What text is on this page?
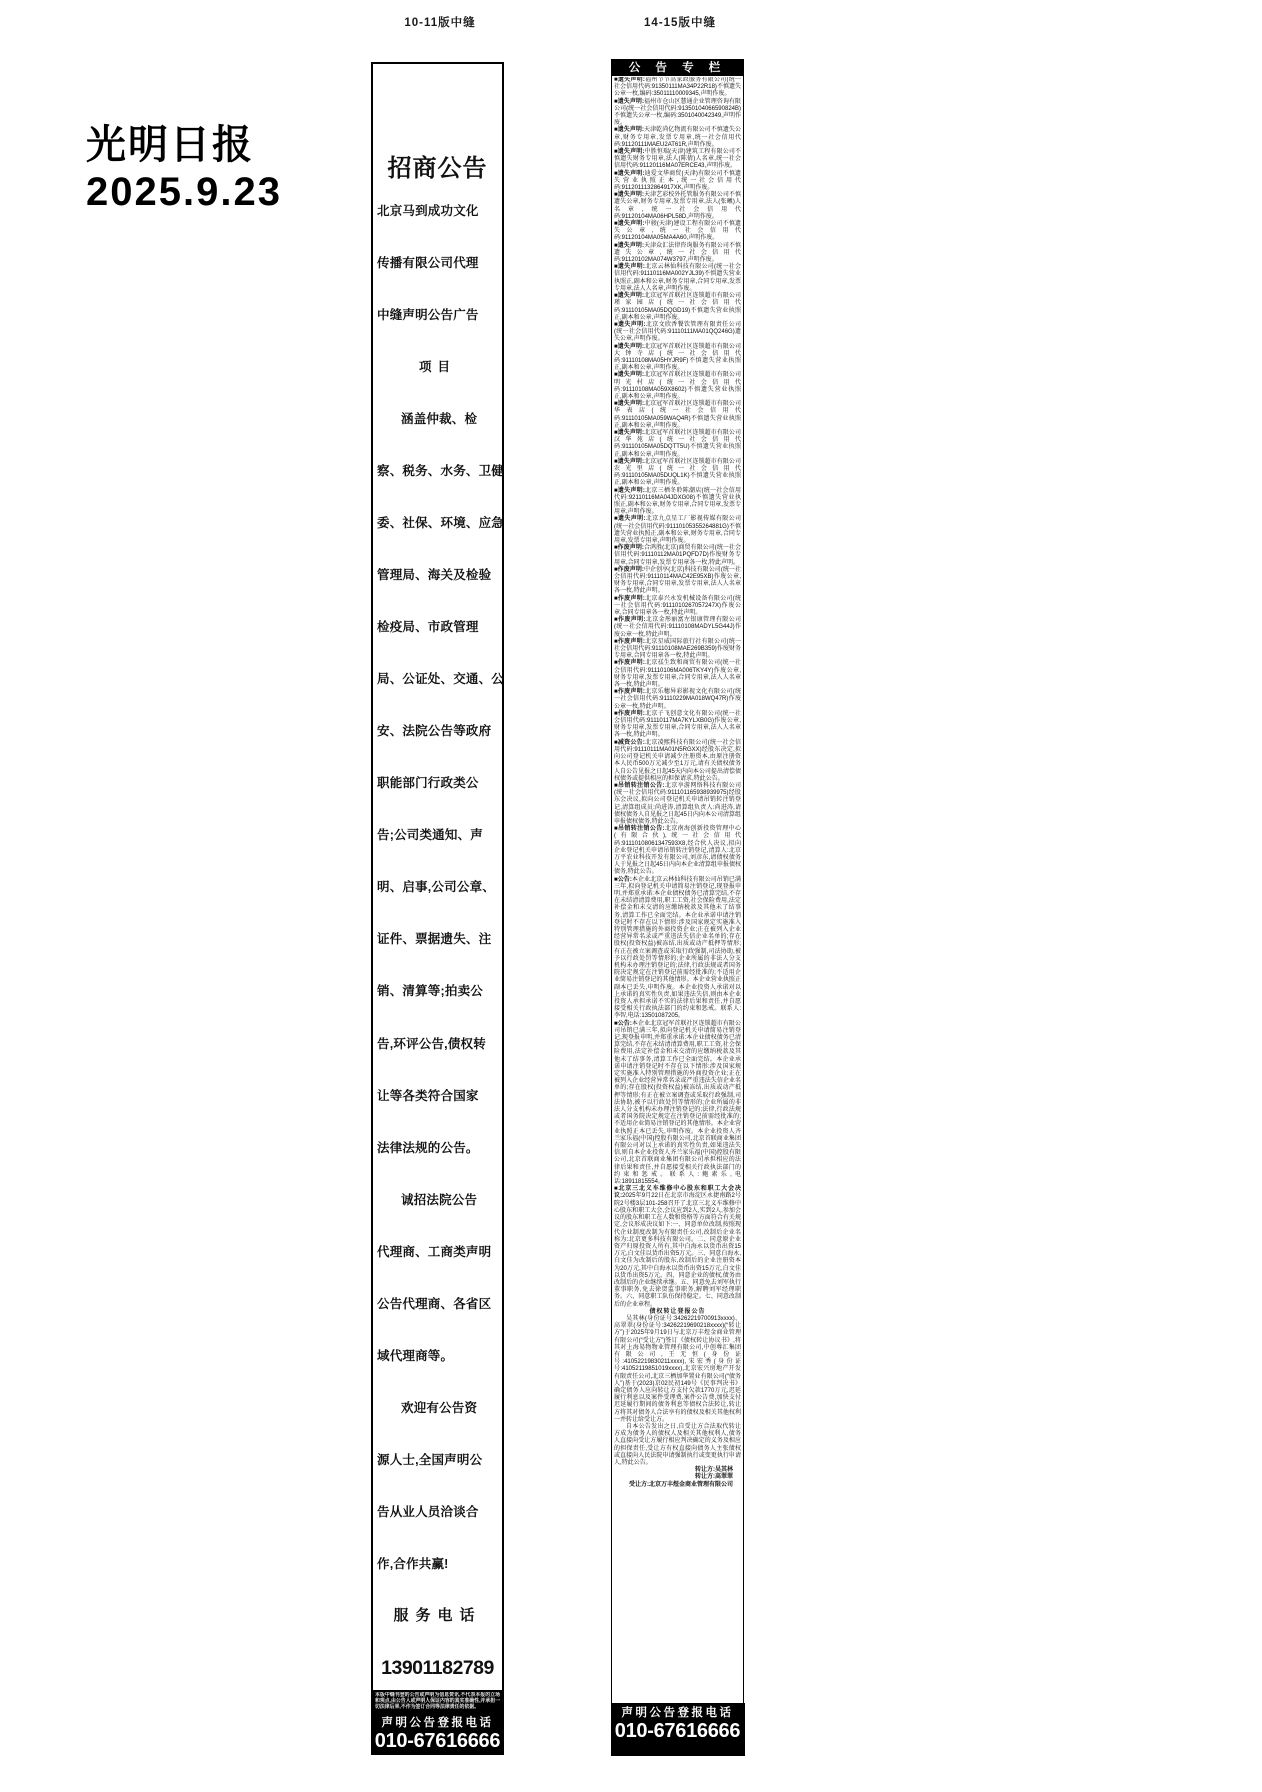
10-11版中缝	14-15版中缝
光明日报
2025.9.23
招商公告
北京马到成功文化
传播有限公司代理
中缝声明公告广告
项目
涵盖仲裁、检
察、税务、水务、卫健
委、社保、环境、应急
管理局、海关及检验
检疫局、市政管理
局、公证处、交通、公
安、法院公告等政府
职能部门行政类公
告;公司类通知、声
明、启事,公司公章、
证件、票据遗失、注
销、清算等;拍卖公
告,环评公告,债权转
让等各类符合国家
法律法规的公告。
诚招法院公告
代理商、工商类声明
公告代理商、各省区
域代理商等。
欢迎有公告资
源人士,全国声明公
告从业人员洽谈合
作,合作共赢!
服务电话
13901182789
本版中缝刊登的公告或声明为信息资讯,不代表本报的立场和观点,由公告人或声明人保证内容的真实准确性,并承担一切法律后果,不作为签订合同等法律责任的依据。
声明公告登报电话
010-67616666
公 告 专 栏

■遗失声明:福州节节高家政服务有限公司(统一社会信用代码:91350111MA34P22R18)不慎遗失公章一枚,编码:35011110009345,声明作废。

■遗失声明:福州市仓山区慧通企业管理咨询有限公司(统一社会信用代码:91350104066590824B)不慎遗失公章一枚,编码:3501040042349,声明作废。

■遗失声明:天津乾尚亿物流有限公司不慎遗失公章,财务专用章,发票专用章,统一社会信用代码:91120111MAEU2AT61R,声明作废。

■遗失声明:中胜恒瑞(天津)建筑工程有限公司不慎遗失财务专用章,法人(陈倩)人名章,统一社会信用代码:91120116MA07ERCE43,声明作废。

■遗失声明:迪爱文华商贸(天津)有限公司不慎遗失营业执照正本,统一社会信用代码:9112011132864917XK,声明作废。

■遗失声明:天津艺彩校外托管服务有限公司不慎遗失公章,财务专用章,发票专用章,法人(张曦)人名章,统一社会信用代码:91120104MA06HPL58D,声明作废。

■遗失声明:中骏(天津)建设工程有限公司不慎遗失公章,统一社会信用代码:91120104MA05MA4A60,声明作废。

■遗失声明:天津众汇法律咨询服务有限公司不慎遗失公章,统一社会信用代码:91120102MA074W3797,声明作废。

■遗失声明:北京云林仙科技有限公司(统一社会信用代码:91110116MA002YJL39)不慎遗失营业执照正,副本和公章,财务专用章,合同专用章,发票专用章,法人人名章,声明作废。

■遗失声明:北京冠军首联社区连锁超市有限公司瑾家园店(统一社会信用代码:91110105MA05DQGD19)不慎遗失营业执照正,副本和公章,声明作废。

■遗失声明:北京文欣香餐饮管理有限责任公司(统一社会信用代码:91110111MA01QQ246G)遗失公章,声明作废。

■遗失声明:北京冠军首联社区连锁超市有限公司大钟寺店(统一社会信用代码:91110108MA05HYJR9F)不慎遗失营业执照正,副本和公章,声明作废。

■遗失声明:北京冠军首联社区连锁超市有限公司明光村店(统一社会信用代码:91110108MA059X8602)不慎遗失营业执照正,副本和公章,声明作废。

■遗失声明:北京冠军首联社区连锁超市有限公司华表店(统一社会信用代码:91110105MA059WAQ4R)不慎遗失营业执照正,副本和公章,声明作废。

■遗失声明:北京冠军首联社区连锁超市有限公司汉华苑店(统一社会信用代码:91110105MA05DQTT5U)不慎遗失营业执照正,副本和公章,声明作废。

■遗失声明:北京冠军首联社区连锁超市有限公司农光里店(统一社会信用代码:91110105MA05DUQL1K)不慎遗失营业执照正,副本和公章,声明作废。

■遗失声明:北京三栖冬聆陈潮店(统一社会信用代码:92110116MA04JDXG08)不慎遗失营业执照正,副本和公章,财务专用章,合同专用章,发票专用章,声明作废。

■遗失声明:北京九点星工厂影视传媒有限公司(统一社会信用代码:91110105355264881G)不慎遗失营业执照正,副本和公章,财务专用章,合同专用章,发票专用章,声明作废。

■作废声明:合鸿胜(北京)商贸有限公司(统一社会信用代码:91110112MA01PQFD7D)作废财务专用章,合同专用章,发票专用章各一枚,特此声明。

■作废声明:中企创享(北京)科技有限公司(统一社会信用代码:91110114MAC42E95XB)作废公章,财务专用章,合同专用章,发票专用章,法人人名章各一枚,特此声明。

■作废声明:北京泰兴永发机械设备有限公司(统一社会信用代码:9111010267057247X)作废公章,合同专用章各一枚,特此声明。

■作废声明:北京金彤丽富左银康管理有限公司(统一社会信用代码:91110108MADYL5G44J)作废公章一枚,特此声明。

■作废声明:北京星威国际旅行社有限公司(统一社会信用代码:91110108MAE269B359)作废财务专用章,合同专用章各一枚,特此声明。

■作废声明:北京禚生致和商贸有限公司(统一社会信用代码:91110106MA006TKY4Y)作废公章,财务专用章,发票专用章,合同专用章,法人人名章各一枚,特此声明。

■作废声明:北京乐穗异彩影视文化有限公司(统一社会信用代码:91110229MA018WQ47R)作废公章一枚,特此声明。

■作废声明:北京子飞创意文化有限公司(统一社会信用代码:91110117MA7KYLXB0G)作废公章,财务专用章,发票专用章,合同专用章,法人人名章各一枚,特此声明。

■减资公告:北京凌熙科技有限公司(统一社会信用代码:91110111MA01N5RGXX)经股东决定,拟向公司登记机关申请减少注册资本,由原注册资本人民币500万元减少至1万元,请有关债权债务人自公告见报之日起45天内向本公司提出清偿债权债务或提供相应的担保请求,特此公告。

■吊销转注销公告:北京享游网络科技有限公司(统一社会信用代码:911101165938939975)经股东会决议,拟向公司登记机关申请吊销转注销登记,清算组成员:尚进涛,清算组负责人:尚进涛,请债权债务人自见报之日起45日内向本公司清算组申报债权债务,特此公告。

■吊销转注销公告:北京南海创新投资管理中心(有限合伙),统一社会信用代码:91110108061347593X8,经合伙人决议,拟向企业登记机关申请吊销转注销登记,清算人:北京万平农业科技开发有限公司,刘彦东,请债权债务人于见报之日起45日内向本企业清算组申报债权债务,特此公告。

■公告:本企业北京云林仙科技有限公司吊销已满三年,拟向登记机关申请简易注销登记,现登报申明,并郑重承诺:本企业债权债务已清算完结,不存在未结清清算费用,职工工资,社会保险费用,法定补偿金和未交清的应缴纳税款及其他未了结事务,清算工作已全面完结。本企业承诺申请注销登记时不存在以下情形:涉及国家规定实施准入特别管理措施的外商投资企业;正在被列入企业经营异常名录或严重违法失信企业名单的;存在股权(投资权益)被冻结,出质或动产抵押等情形;有正在被立案调查或采取行政强制,司法协助,被予以行政处罚等情形的;企业所属的非法人分支机构未办理注销登记的;法律,行政法规或者国务院决定规定在注销登记前需经批准的;不适用企业简易注销登记的其他情形。本企业营业执照正副本已丢失,申明作废。本企业投资人承诺对以上承诺的真实性负责,如果违法失信,则由本企业投资人承担承诺不实的法律后果和责任,并自愿接受相关行政执法部门的约束和惩戒。联系人:李智,电话:13501087205。

■公告:本企业北京冠军首联社区连锁超市有限公司吊销已满三年,拟向登记机关申请简易注销登记,现登报申明,并郑重承诺:本企业债权债务已清算完结,不存在未结清清算费用,职工工资,社会保险费用,法定补偿金和未交清的应缴纳税款及其他未了结事务,清算工作已全面完结。本企业承诺申请注销登记时不存在以下情形:涉及国家规定实施准入特别管理措施的外商投资企业;正在被列入企业经营异常名录或严重违法失信企业名单的;存在股权(投资权益)被冻结,出质或动产抵押等情形;有正在被立案调查或采取行政强制,司法协助,被予以行政处罚等情形的;企业所属的非法人分支机构未办理注销登记的;法律,行政法规或者国务院决定规定在注销登记前需经批准的;不适用企业简易注销登记的其他情形。本企业营业执照正本已丢失,申明作废。本企业投资人齐兰家乐福(中国)控股有限公司,北京首联商业集团有限公司对以上承诺的真实性负责,如果违法失信,则自本企业投资人齐兰家乐福(中国)控股有限公司,北京首联商业集团有限公司承担相应的法律后果和责任,并自愿接受相关行政执法部门的约束和惩戒。联系人:鲍素乐,电话:18911815554。

■北京三北义车维修中心股东和职工大会决议:2025年9月22日在北京市海淀区永捷南路2号院2号楼3层101-258召开了北京三北义车维修中心股东和职工大会,会议应到2人,实到2人,参加会议的股东和职工在人数和资格等方面符合有关规定,会议形成决议如下:一、同意单位改制,按照现代企业制度改制为有限责任公司,改制后企业名称为:北京更多科技有限公司。二、同意原企业资产归原投资人所有,其中白海永以货币出资15万元,白文佳以货币出资5万元。三、同意白海永,白文佳为改制后的股东,改制后的企业注册资本为20万元,其中白海永以货币出资15万元,白文佳以货币出资5万元。四、同意企业的债权,债务由改制后的企业继续承继。五、同意免去刘军执行董事职务,免去徐贺监事职务,解聘刘军经理职务。六、同意职工队伍保持稳定。七、同意改制后的企业章程。

债权转让登报公告

吴其林(身份证号:34262219700913xxxx)、高翠翠(身份证号:34262219690218xxxx)(“转让方”)于2025年9月19日与北京万丰煜金商业管理有限公司(“受让方”)签订《债权转让协议书》,将其对上海易物物业管理有限公司,中创尊汇集团有限公司,王无恒(身份证号:41052219830211xxxx),宋宏秀(身份证号:41052119851019xxxx),北京宏兴房地产开发有限责任公司,北京三栖加华置业有限公司(“债务人”)基于(2023)京02民初149号《民事判决书》确定债务人应向转让方支付欠款1770万元,迟延履行利息以及案件受理费,案件公告费,加快支付迟延履行期间的债务利息等债权合法转让,转让方将其对债务人合法享有的债权及相关其他权利一并转让给受让方。

自本公告发出之日,自受让方合法取代转让方成为债务人的债权人及相关其他权利人,债务人直接向受让方履行相应判决确定的义务及相应的担保责任,受让方有权直接向债务人主张债权或直接向人民法院申请强制执行或变更执行申请人,特此公告。

转让方:吴其林

转让方:高翠翠

受让方:北京万丰煜金商业管理有限公司

声明公告登报电话
010-67616666
